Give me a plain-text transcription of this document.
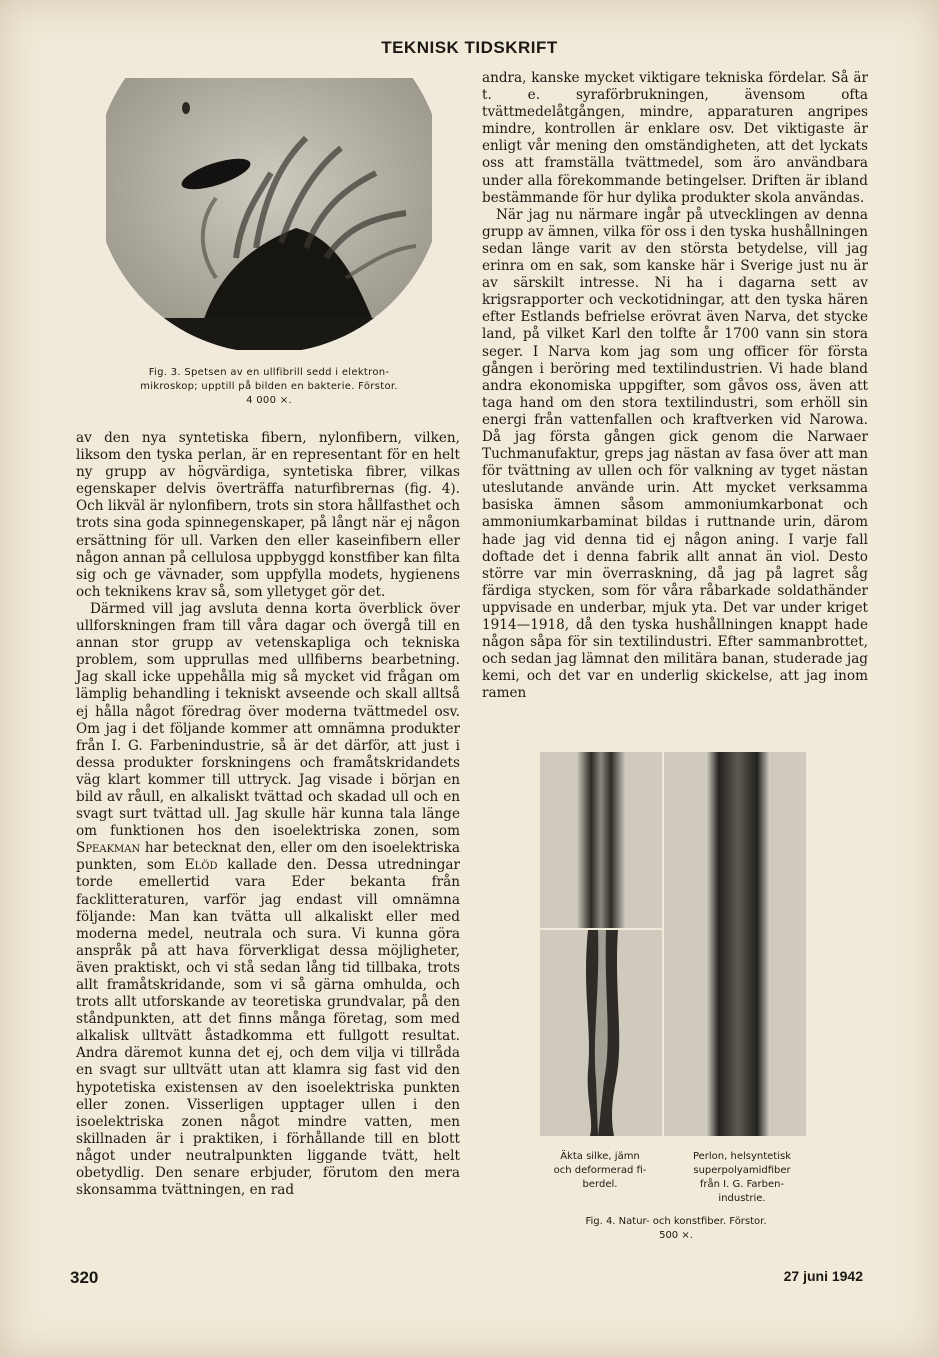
TEKNISK TIDSKRIFT
Fig. 3. Spetsen av en ullfibrill sedd i elektron-
mikroskop; upptill på bilden en bakterie. Förstor.
4 000 ×.

av den nya syntetiska fibern, nylonfibern, vilken, liksom den tyska perlan, är en representant för en helt ny grupp av högvärdiga, syntetiska fibrer, vilkas egenskaper delvis överträffa naturfibrernas (fig. 4). Och likväl är nylonfibern, trots sin stora hållfasthet och trots sina goda spinnegenskaper, på långt när ej någon ersättning för ull. Varken den eller kaseinfibern eller någon annan på cellulosa uppbyggd konstfiber kan filta sig och ge vävnader, som uppfylla modets, hygienens och teknikens krav så, som ylletyget gör det.

Därmed vill jag avsluta denna korta överblick över ullforskningen fram till våra dagar och övergå till en annan stor grupp av vetenskapliga och tekniska problem, som upprullas med ullfiberns bearbetning. Jag skall icke uppehålla mig så mycket vid frågan om lämplig behandling i tekniskt avseende och skall alltså ej hålla något föredrag över moderna tvättmedel osv. Om jag i det följande kommer att omnämna produkter från I. G. Farbenindustrie, så är det därför, att just i dessa produkter forskningens och framåtskridandets väg klart kommer till uttryck. Jag visade i början en bild av råull, en alkaliskt tvättad och skadad ull och en svagt surt tvättad ull. Jag skulle här kunna tala länge om funktionen hos den isoelektriska zonen, som Speakman har betecknat den, eller om den isoelektriska punkten, som Elöd kallade den. Dessa utredningar torde emellertid vara Eder bekanta från facklitteraturen, varför jag endast vill omnämna följande: Man kan tvätta ull alkaliskt eller med moderna medel, neutrala och sura. Vi kunna göra anspråk på att hava förverkligat dessa möjligheter, även praktiskt, och vi stå sedan lång tid tillbaka, trots allt framåtskridande, som vi så gärna omhulda, och trots allt utforskande av teoretiska grundvalar, på den ståndpunkten, att det finns många företag, som med alkalisk ulltvätt åstadkomma ett fullgott resultat. Andra däremot kunna det ej, och dem vilja vi tillråda en svagt sur ulltvätt utan att klamra sig fast vid den hypotetiska existensen av den isoelektriska punkten eller zonen. Visserligen upptager ullen i den isoelektriska zonen något mindre vatten, men skillnaden är i praktiken, i förhållande till en blott något under neutralpunkten liggande tvätt, helt obetydlig. Den senare erbjuder, förutom den mera skonsamma tvättningen, en rad

andra, kanske mycket viktigare tekniska fördelar. Så är t. e. syraförbrukningen, ävensom ofta tvättmedelåtgången, mindre, apparaturen angripes mindre, kontrollen är enklare osv. Det viktigaste är enligt vår mening den omständigheten, att det lyckats oss att framställa tvättmedel, som äro användbara under alla förekommande betingelser. Driften är ibland bestämmande för hur dylika produkter skola användas.

När jag nu närmare ingår på utvecklingen av denna grupp av ämnen, vilka för oss i den tyska hushållningen sedan länge varit av den största betydelse, vill jag erinra om en sak, som kanske här i Sverige just nu är av särskilt intresse. Ni ha i dagarna sett av krigsrapporter och veckotidningar, att den tyska hären efter Estlands befrielse erövrat även Narva, det stycke land, på vilket Karl den tolfte år 1700 vann sin stora seger. I Narva kom jag som ung officer för första gången i beröring med textilindustrien. Vi hade bland andra ekonomiska uppgifter, som gåvos oss, även att taga hand om den stora textilindustri, som erhöll sin energi från vattenfallen och kraftverken vid Narowa. Då jag första gången gick genom die Narwaer Tuchmanufaktur, greps jag nästan av fasa över att man för tvättning av ullen och för valkning av tyget nästan uteslutande använde urin. Att mycket verksamma basiska ämnen såsom ammoniumkarbonat och ammoniumkarbaminat bildas i ruttnande urin, därom hade jag vid denna tid ej någon aning. I varje fall doftade det i denna fabrik allt annat än viol. Desto större var min överraskning, då jag på lagret såg färdiga stycken, som för våra råbarkade soldathänder uppvisade en underbar, mjuk yta. Det var under kriget 1914—1918, då den tyska hushållningen knappt hade någon såpa för sin textilindustri. Efter sammanbrottet, och sedan jag lämnat den militära banan, studerade jag kemi, och det var en underlig skickelse, att jag inom ramen

Äkta silke, jämn
och deformerad fi-
berdel.
Perlon, helsyntetisk
superpolyamidfiber
från I. G. Farben-
industrie.
Fig. 4. Natur- och konstfiber. Förstor.
500 ×.
320	27 juni 1942
